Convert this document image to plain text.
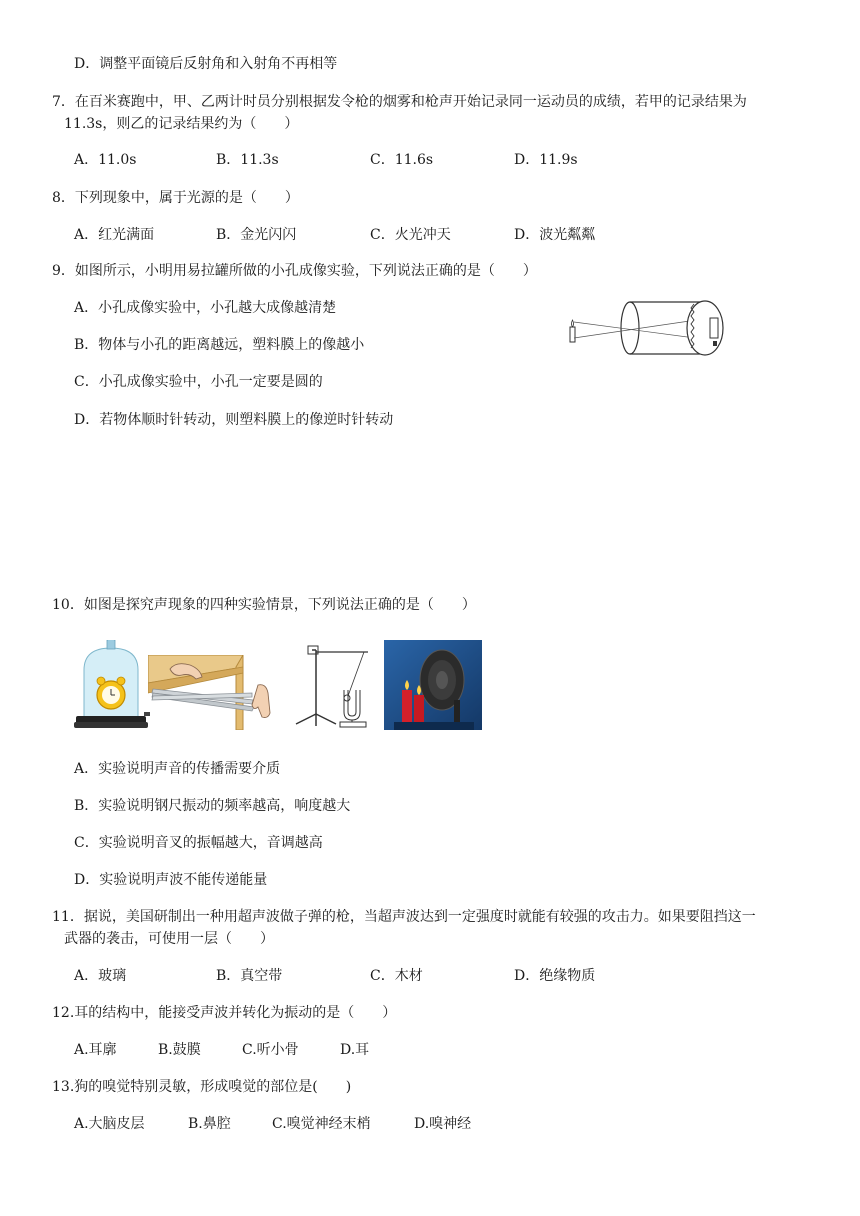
D．调整平面镜后反射角和入射角不再相等
7．在百米赛跑中，甲、乙两计时员分别根据发令枪的烟雾和枪声开始记录同一运动员的成绩，若甲的记录结果为
11.3s，则乙的记录结果约为（　　）
A．11.0s	B．11.3s	C．11.6s	D．11.9s
8．下列现象中，属于光源的是（　　）
A．红光满面	B．金光闪闪	C．火光冲天	D．波光粼粼
9．如图所示，小明用易拉罐所做的小孔成像实验，下列说法正确的是（　　）
A．小孔成像实验中，小孔越大成像越清楚
B．物体与小孔的距离越远，塑料膜上的像越小
C．小孔成像实验中，小孔一定要是圆的
D．若物体顺时针转动，则塑料膜上的像逆时针转动
10．如图是探究声现象的四种实验情景，下列说法正确的是（　　）
A．实验说明声音的传播需要介质
B．实验说明钢尺振动的频率越高，响度越大
C．实验说明音叉的振幅越大，音调越高
D．实验说明声波不能传递能量
11．据说，美国研制出一种用超声波做子弹的枪，当超声波达到一定强度时就能有较强的攻击力。如果要阻挡这一
武器的袭击，可使用一层（　　）
A．玻璃	B．真空带	C．木材	D．绝缘物质
12.耳的结构中，能接受声波并转化为振动的是（　　）
A.耳廓	B.鼓膜	C.听小骨	D.耳
13.狗的嗅觉特别灵敏，形成嗅觉的部位是(　　)
A.大脑皮层	B.鼻腔	C.嗅觉神经末梢	D.嗅神经
